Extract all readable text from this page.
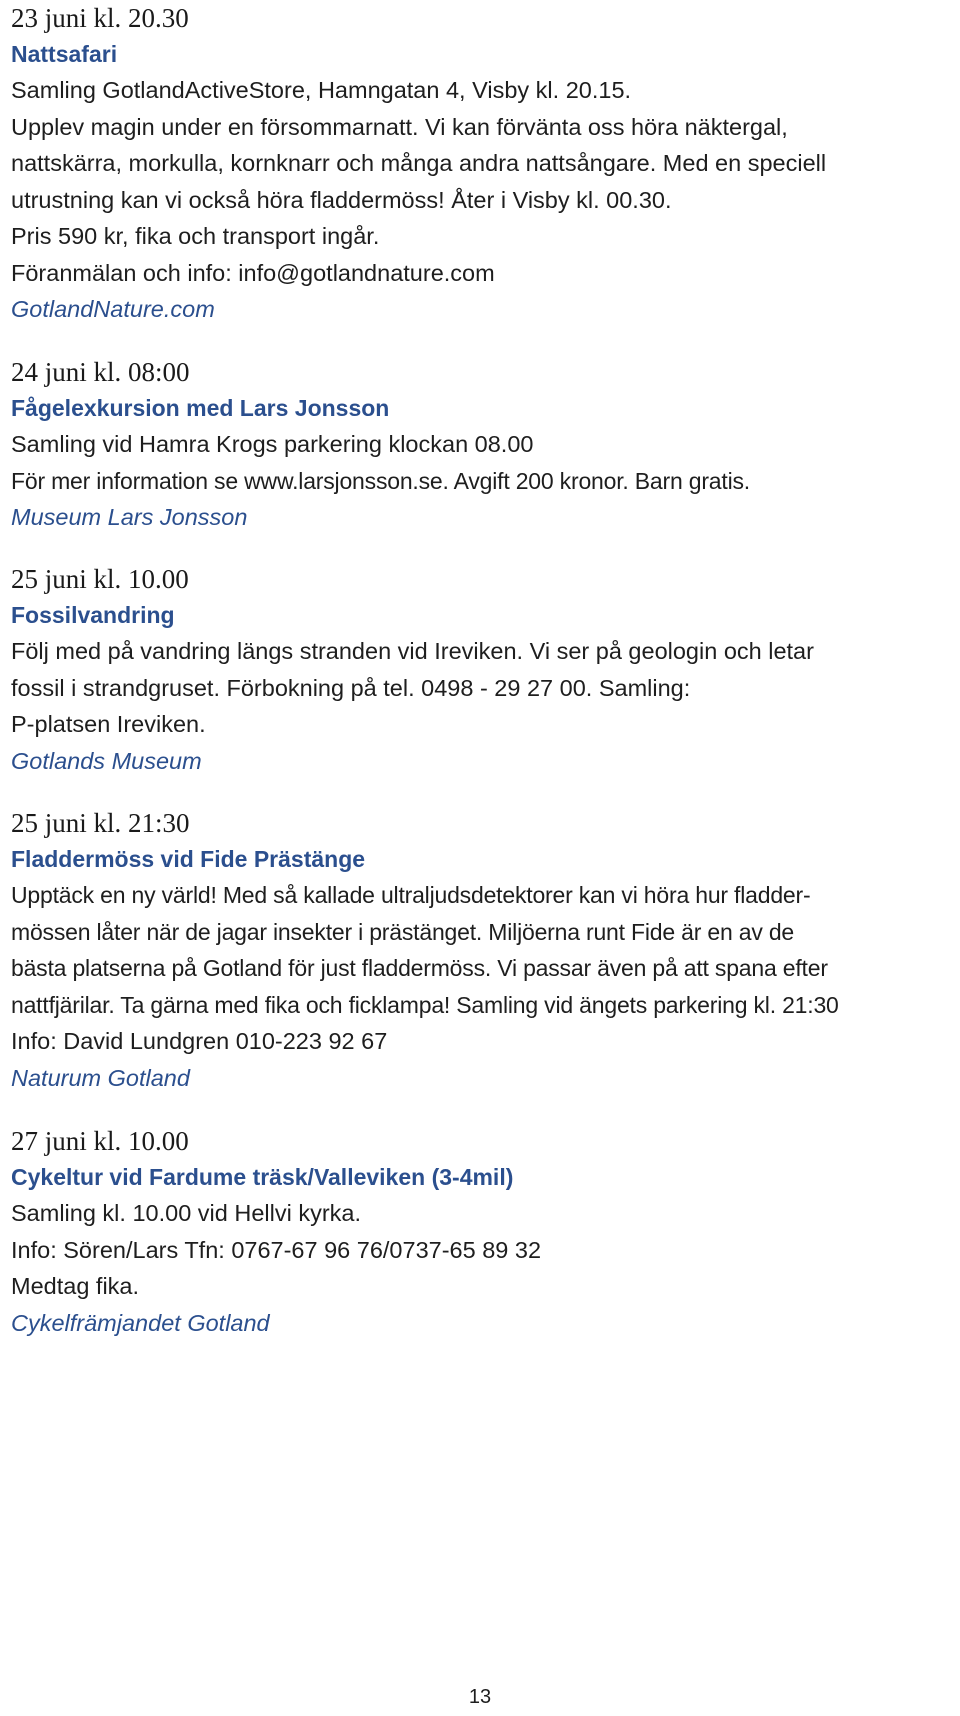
23 juni kl. 20.30
Nattsafari
Samling GotlandActiveStore, Hamngatan 4, Visby kl. 20.15.
Upplev magin under en försommarnatt. Vi kan förvänta oss höra näktergal,
nattskärra, morkulla, kornknarr och många andra nattsångare. Med en speciell
utrustning kan vi också höra fladdermöss! Åter i Visby kl. 00.30.
Pris 590 kr, fika och transport ingår.
Föranmälan och info: info@gotlandnature.com
GotlandNature.com
24 juni kl. 08:00
Fågelexkursion med Lars Jonsson
Samling vid Hamra Krogs parkering klockan 08.00
För mer information se www.larsjonsson.se. Avgift 200 kronor. Barn gratis.
Museum Lars Jonsson
25 juni kl. 10.00
Fossilvandring
Följ med på vandring längs stranden vid Ireviken. Vi ser på geologin och letar
fossil i strandgruset. Förbokning på tel. 0498 - 29 27 00. Samling:
P-platsen Ireviken.
Gotlands Museum
25 juni kl. 21:30
Fladdermöss vid Fide Prästänge
Upptäck en ny värld! Med så kallade ultraljudsdetektorer kan vi höra hur fladder-
mössen låter när de jagar insekter i prästänget. Miljöerna runt Fide är en av de
bästa platserna på Gotland för just fladdermöss. Vi passar även på att spana efter
nattfjärilar. Ta gärna med fika och ficklampa! Samling vid ängets parkering kl. 21:30
Info: David Lundgren 010-223 92 67
Naturum Gotland
27 juni kl. 10.00
Cykeltur vid Fardume träsk/Valleviken (3-4mil)
Samling kl. 10.00 vid Hellvi kyrka.
Info: Sören/Lars Tfn: 0767-67 96 76/0737-65 89 32
Medtag fika.
Cykelfrämjandet Gotland
13
